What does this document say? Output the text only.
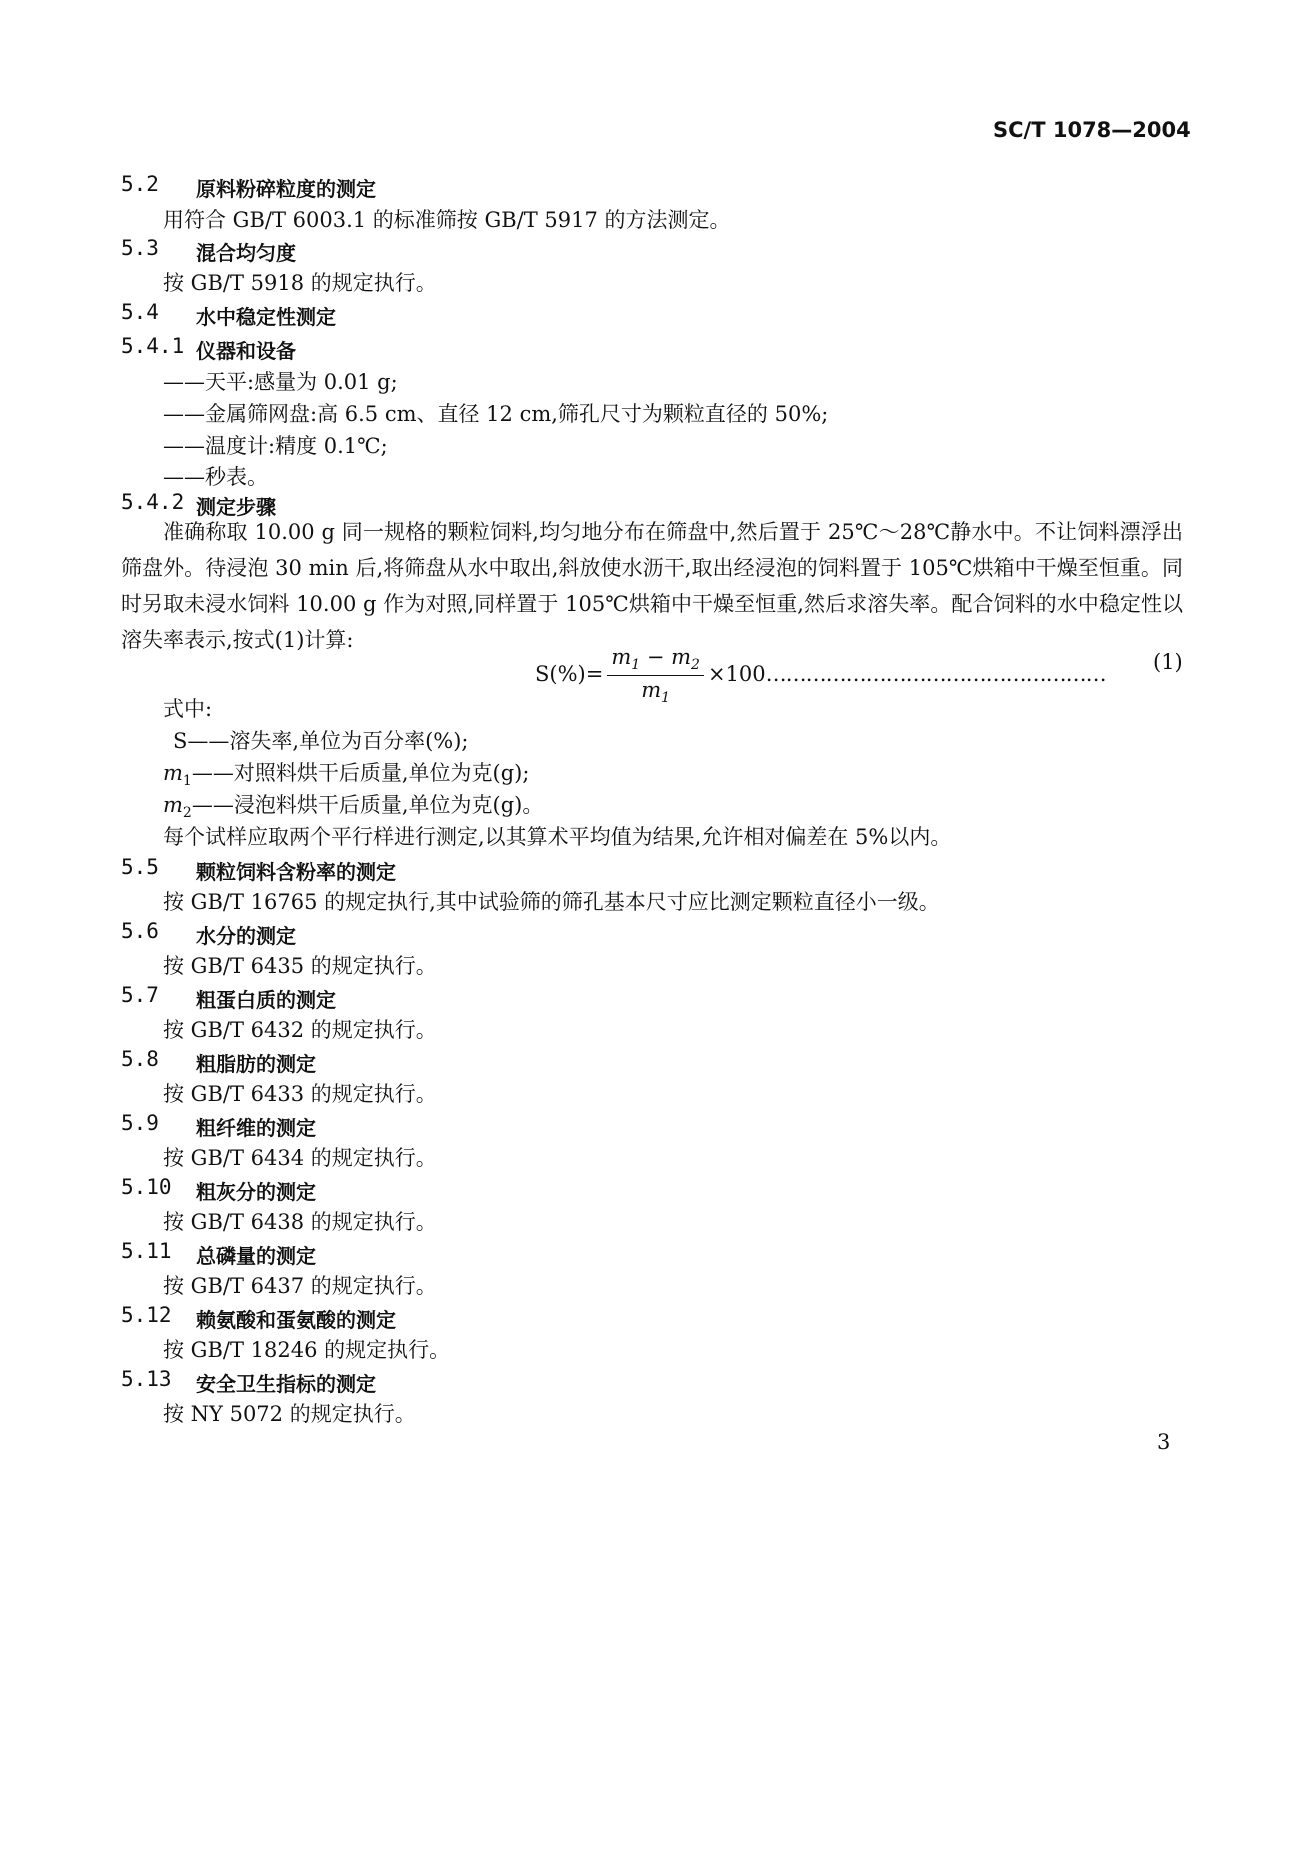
SC/T 1078—2004
5.2 原料粉碎粒度的测定
用符合 GB/T 6003.1 的标准筛按 GB/T 5917 的方法测定。
5.3 混合均匀度
按 GB/T 5918 的规定执行。
5.4 水中稳定性测定
5.4.1 仪器和设备
——天平:感量为 0.01 g;
——金属筛网盘:高 6.5 cm、直径 12 cm,筛孔尺寸为颗粒直径的 50%;
——温度计:精度 0.1℃;
——秒表。
5.4.2 测定步骤
准确称取 10.00 g 同一规格的颗粒饲料,均匀地分布在筛盘中,然后置于 25℃～28℃静水中。不让饲料漂浮出筛盘外。待浸泡 30 min 后,将筛盘从水中取出,斜放使水沥干,取出经浸泡的饲料置于 105℃烘箱中干燥至恒重。同时另取未浸水饲料 10.00 g 作为对照,同样置于 105℃烘箱中干燥至恒重,然后求溶失率。配合饲料的水中稳定性以溶失率表示,按式(1)计算:
$S(\%)= \frac{m_1 - m_2}{m_1}$ ×100……………………………………………
(1)
式中:
S——溶失率,单位为百分率(%);
$m_1——$对照料烘干后质量,单位为克(g);
$m_2——$浸泡料烘干后质量,单位为克(g)。
每个试样应取两个平行样进行测定,以其算术平均值为结果,允许相对偏差在 5%以内。
5.5 颗粒饲料含粉率的测定
按 GB/T 16765 的规定执行,其中试验筛的筛孔基本尺寸应比测定颗粒直径小一级。
5.6 水分的测定
按 GB/T 6435 的规定执行。
5.7 粗蛋白质的测定
按 GB/T 6432 的规定执行。
5.8 粗脂肪的测定
按 GB/T 6433 的规定执行。
5.9 粗纤维的测定
按 GB/T 6434 的规定执行。
5.10 粗灰分的测定
按 GB/T 6438 的规定执行。
5.11 总磷量的测定
按 GB/T 6437 的规定执行。
5.12 赖氨酸和蛋氨酸的测定
按 GB/T 18246 的规定执行。
5.13 安全卫生指标的测定
按 NY 5072 的规定执行。
3
